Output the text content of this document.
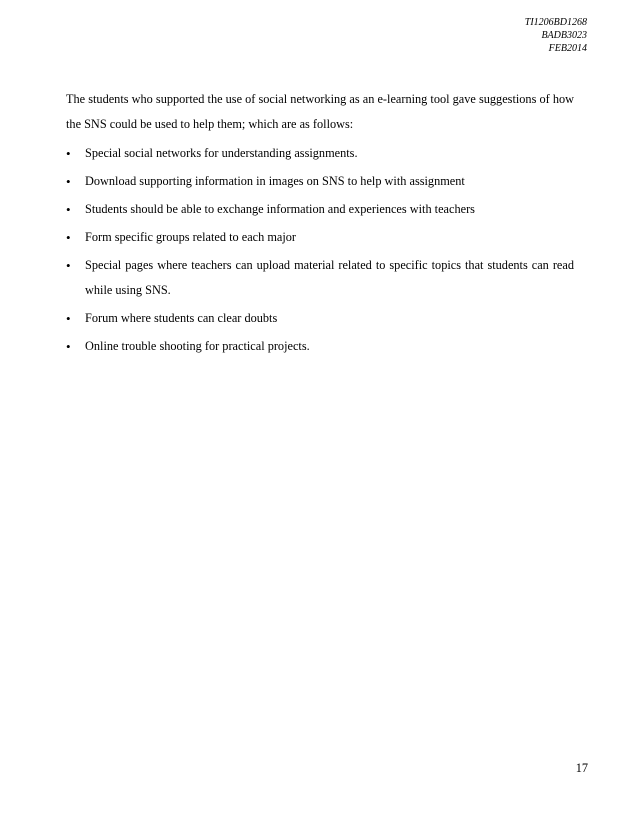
TI1206BD1268
BADB3023
FEB2014

The students who supported the use of social networking as an e-learning tool gave suggestions of how the SNS could be used to help them; which are as follows:

•	Special social networks for understanding assignments.
•	Download supporting information in images on SNS to help with assignment
•	Students should be able to exchange information and experiences with teachers
•	Form specific groups related to each major
•	Special pages where teachers can upload material related to specific topics that students can read while using SNS.
•	Forum where students can clear doubts
•	Online trouble shooting for practical projects.
17
